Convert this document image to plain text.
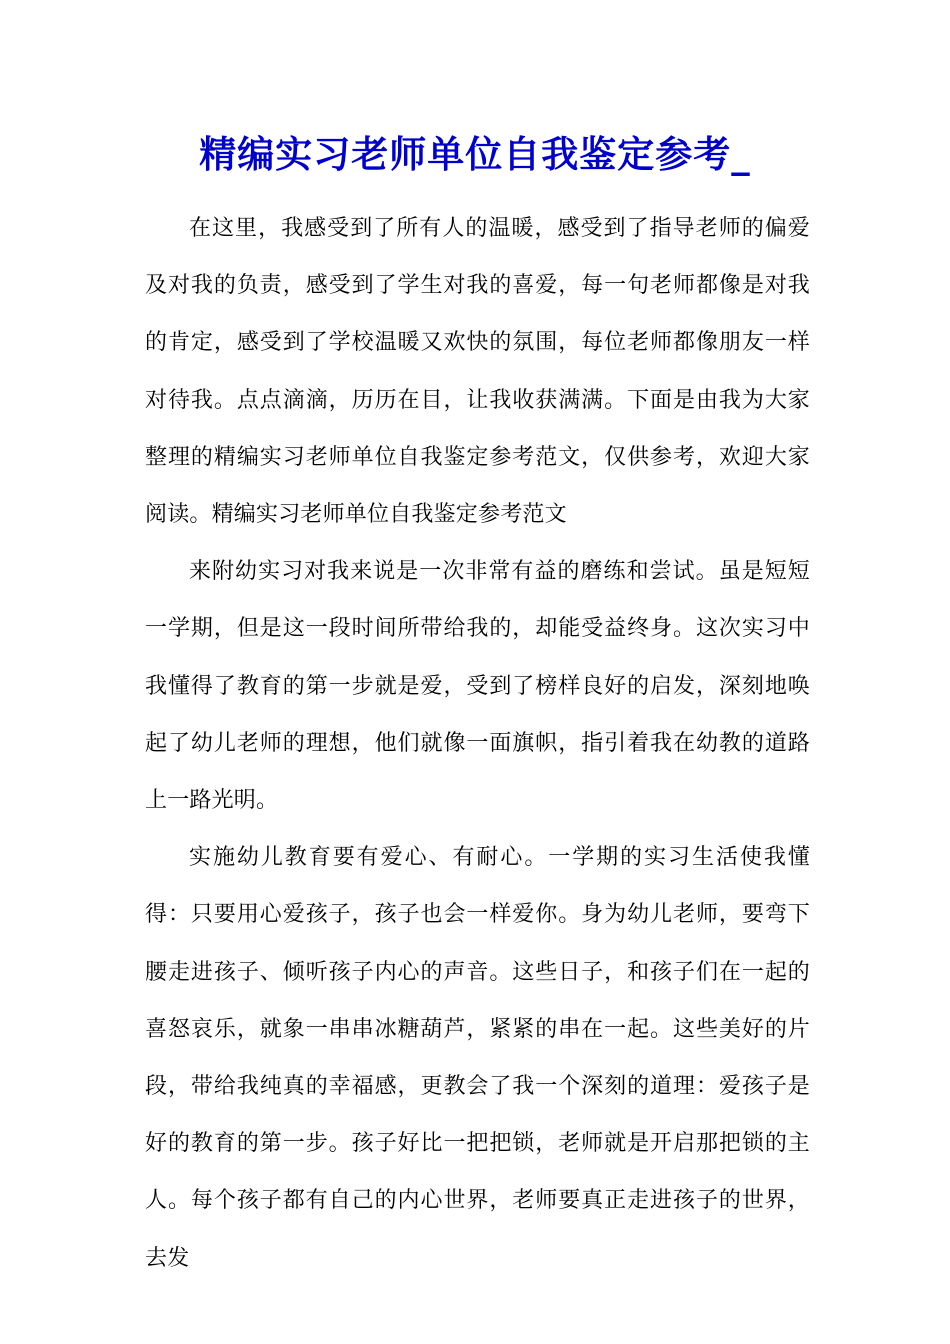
精编实习老师单位自我鉴定参考_

在这里，我感受到了所有人的温暖，感受到了指导老师的偏爱及对我的负责，感受到了学生对我的喜爱，每一句老师都像是对我的肯定，感受到了学校温暖又欢快的氛围，每位老师都像朋友一样对待我。点点滴滴，历历在目，让我收获满满。下面是由我为大家整理的精编实习老师单位自我鉴定参考范文，仅供参考，欢迎大家阅读。精编实习老师单位自我鉴定参考范文

来附幼实习对我来说是一次非常有益的磨练和尝试。虽是短短一学期，但是这一段时间所带给我的，却能受益终身。这次实习中我懂得了教育的第一步就是爱，受到了榜样良好的启发，深刻地唤起了幼儿老师的理想，他们就像一面旗帜，指引着我在幼教的道路上一路光明。

实施幼儿教育要有爱心、有耐心。一学期的实习生活使我懂得：只要用心爱孩子，孩子也会一样爱你。身为幼儿老师，要弯下腰走进孩子、倾听孩子内心的声音。这些日子，和孩子们在一起的喜怒哀乐，就象一串串冰糖葫芦，紧紧的串在一起。这些美好的片段，带给我纯真的幸福感，更教会了我一个深刻的道理：爱孩子是好的教育的第一步。孩子好比一把把锁，老师就是开启那把锁的主人。每个孩子都有自己的内心世界，老师要真正走进孩子的世界，去发
